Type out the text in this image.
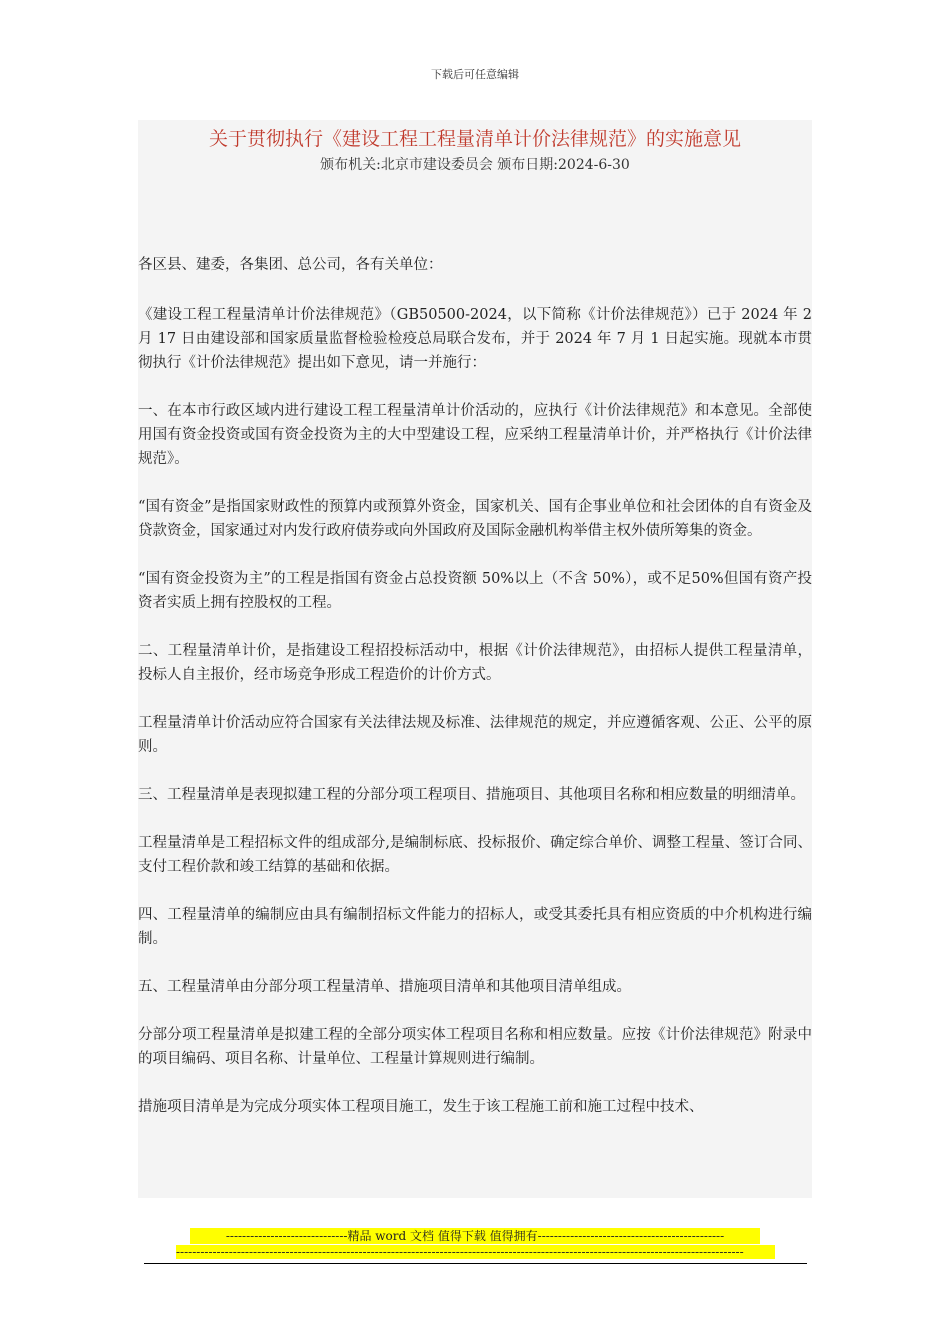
下载后可任意编辑
关于贯彻执行《建设工程工程量清单计价法律规范》的实施意见
颁布机关:北京市建设委员会 颁布日期:2024-6-30

各区县、建委，各集团、总公司，各有关单位：

《建设工程工程量清单计价法律规范》（GB50500-2024，以下简称《计价法律规范》）已于 2024 年 2 月 17 日由建设部和国家质量监督检验检疫总局联合发布，并于 2024 年 7 月 1 日起实施。现就本市贯彻执行《计价法律规范》提出如下意见，请一并施行：

一、在本市行政区域内进行建设工程工程量清单计价活动的，应执行《计价法律规范》和本意见。全部使用国有资金投资或国有资金投资为主的大中型建设工程，应采纳工程量清单计价，并严格执行《计价法律规范》。

“国有资金”是指国家财政性的预算内或预算外资金，国家机关、国有企事业单位和社会团体的自有资金及贷款资金，国家通过对内发行政府债券或向外国政府及国际金融机构举借主权外债所筹集的资金。

“国有资金投资为主”的工程是指国有资金占总投资额 50%以上（不含 50%），或不足50%但国有资产投资者实质上拥有控股权的工程。

二、工程量清单计价，是指建设工程招投标活动中，根据《计价法律规范》，由招标人提供工程量清单，投标人自主报价，经市场竞争形成工程造价的计价方式。

工程量清单计价活动应符合国家有关法律法规及标准、法律规范的规定，并应遵循客观、公正、公平的原则。

三、工程量清单是表现拟建工程的分部分项工程项目、措施项目、其他项目名称和相应数量的明细清单。

工程量清单是工程招标文件的组成部分,是编制标底、投标报价、确定综合单价、调整工程量、签订合同、支付工程价款和竣工结算的基础和依据。

四、工程量清单的编制应由具有编制招标文件能力的招标人，或受其委托具有相应资质的中介机构进行编制。

五、工程量清单由分部分项工程量清单、措施项目清单和其他项目清单组成。

分部分项工程量清单是拟建工程的全部分项实体工程项目名称和相应数量。应按《计价法律规范》附录中的项目编码、项目名称、计量单位、工程量计算规则进行编制。

措施项目清单是为完成分项实体工程项目施工，发生于该工程施工前和施工过程中技术、

------------------------------精品 word 文档 值得下载 值得拥有----------------------------------------------
--------------------------------------------------------------------------------------------------------------------------------------------
